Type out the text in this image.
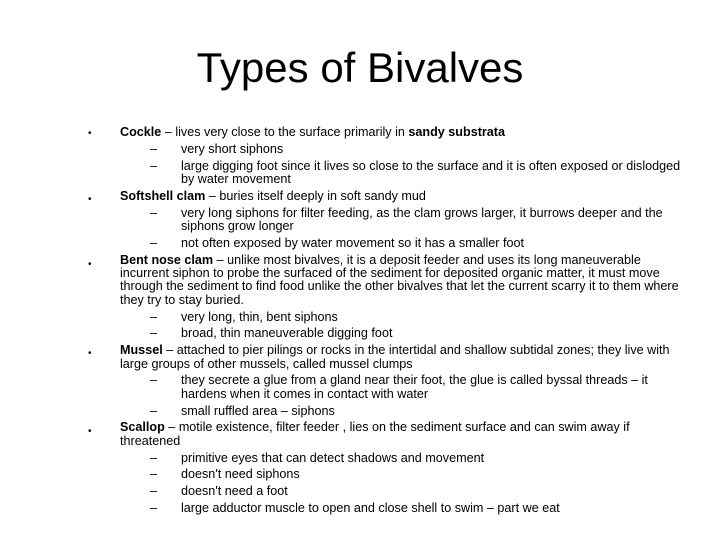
Types of Bivalves
•
•
•
•
•
Cockle – lives very close to the surface primarily in sandy substrata
– very short siphons
– large digging foot since it lives so close to the surface and it is often exposed or dislodged by water movement
Softshell clam – buries itself deeply in soft sandy mud
– very long siphons for filter feeding, as the clam grows larger, it burrows deeper and the siphons grow longer
– not often exposed by water movement so it has a smaller foot
Bent nose clam – unlike most bivalves, it is a deposit feeder and uses its long maneuverable incurrent siphon to probe the surfaced of the sediment for deposited organic matter, it must move through the sediment to find food unlike the other bivalves that let the current scarry it to them where they try to stay buried.
– very long, thin, bent siphons
– broad, thin maneuverable digging foot
Mussel – attached to pier pilings or rocks in the intertidal and shallow subtidal zones; they live with large groups of other mussels, called mussel clumps
– they secrete a glue from a gland near their foot, the glue is called byssal threads – it hardens when it comes in contact with water
– small ruffled area – siphons
Scallop – motile existence, filter feeder , lies on the sediment surface and can swim away if threatened
– primitive eyes that can detect shadows and movement
– doesn't need siphons
– doesn't need a foot
– large adductor muscle to open and close shell to swim – part we eat
